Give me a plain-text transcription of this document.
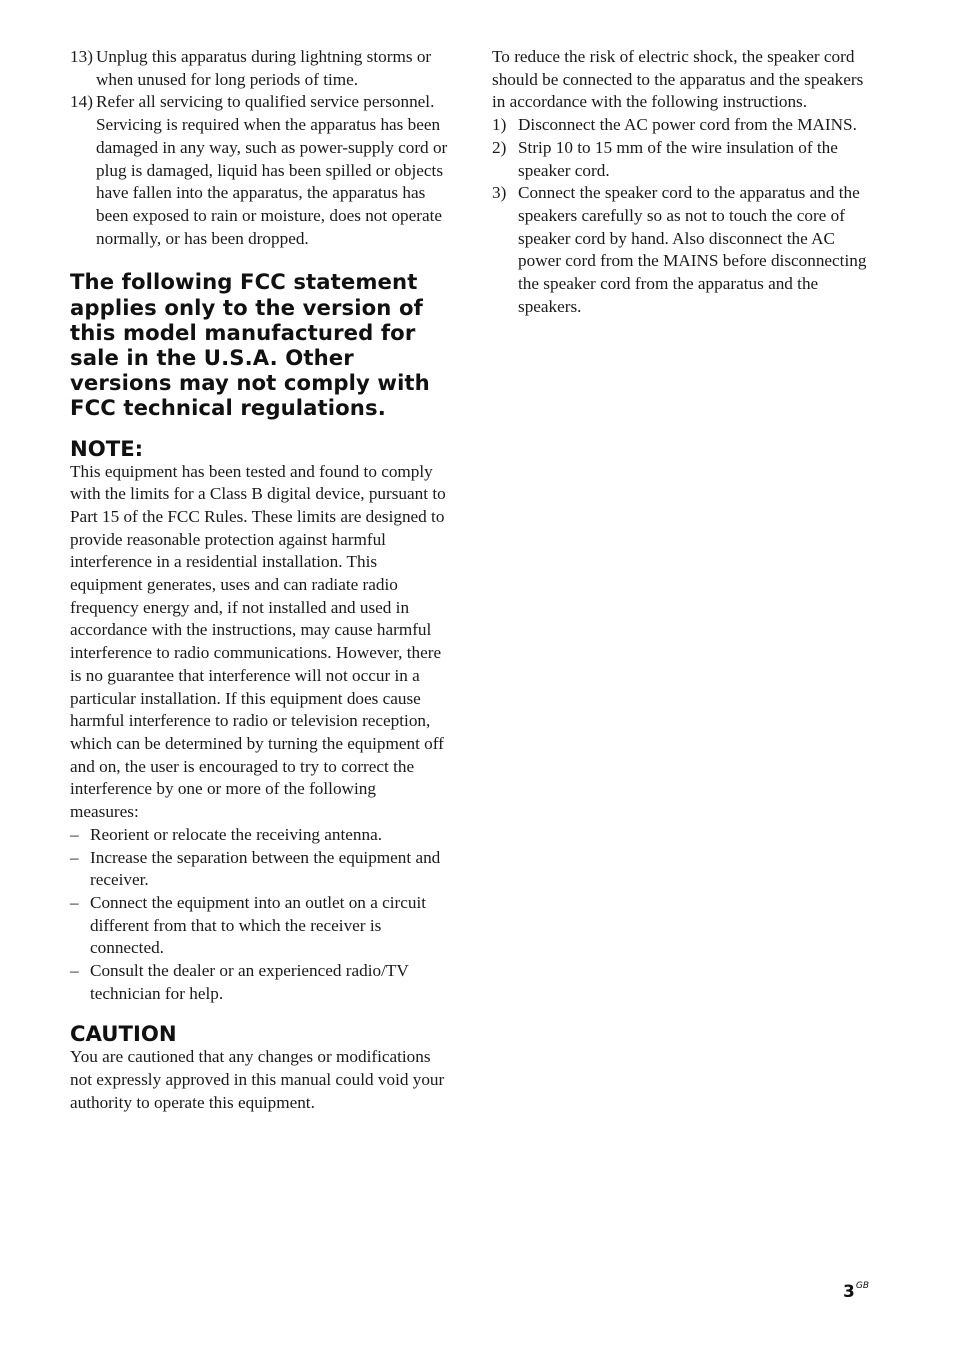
13) Unplug this apparatus during lightning storms or when unused for long periods of time.
14) Refer all servicing to qualified service personnel. Servicing is required when the apparatus has been damaged in any way, such as power-supply cord or plug is damaged, liquid has been spilled or objects have fallen into the apparatus, the apparatus has been exposed to rain or moisture, does not operate normally, or has been dropped.
The following FCC statement applies only to the version of this model manufactured for sale in the U.S.A. Other versions may not comply with FCC technical regulations.
NOTE:

This equipment has been tested and found to comply with the limits for a Class B digital device, pursuant to Part 15 of the FCC Rules. These limits are designed to provide reasonable protection against harmful interference in a residential installation. This equipment generates, uses and can radiate radio frequency energy and, if not installed and used in accordance with the instructions, may cause harmful interference to radio communications. However, there is no guarantee that interference will not occur in a particular installation. If this equipment does cause harmful interference to radio or television reception, which can be determined by turning the equipment off and on, the user is encouraged to try to correct the interference by one or more of the following measures:

– Reorient or relocate the receiving antenna.
– Increase the separation between the equipment and receiver.
– Connect the equipment into an outlet on a circuit different from that to which the receiver is connected.
– Consult the dealer or an experienced radio/TV technician for help.
CAUTION

You are cautioned that any changes or modifications not expressly approved in this manual could void your authority to operate this equipment.

To reduce the risk of electric shock, the speaker cord should be connected to the apparatus and the speakers in accordance with the following instructions.

1) Disconnect the AC power cord from the MAINS.
2) Strip 10 to 15 mm of the wire insulation of the speaker cord.
3) Connect the speaker cord to the apparatus and the speakers carefully so as not to touch the core of speaker cord by hand. Also disconnect the AC power cord from the MAINS before disconnecting the speaker cord from the apparatus and the speakers.
$3^{GB}$
